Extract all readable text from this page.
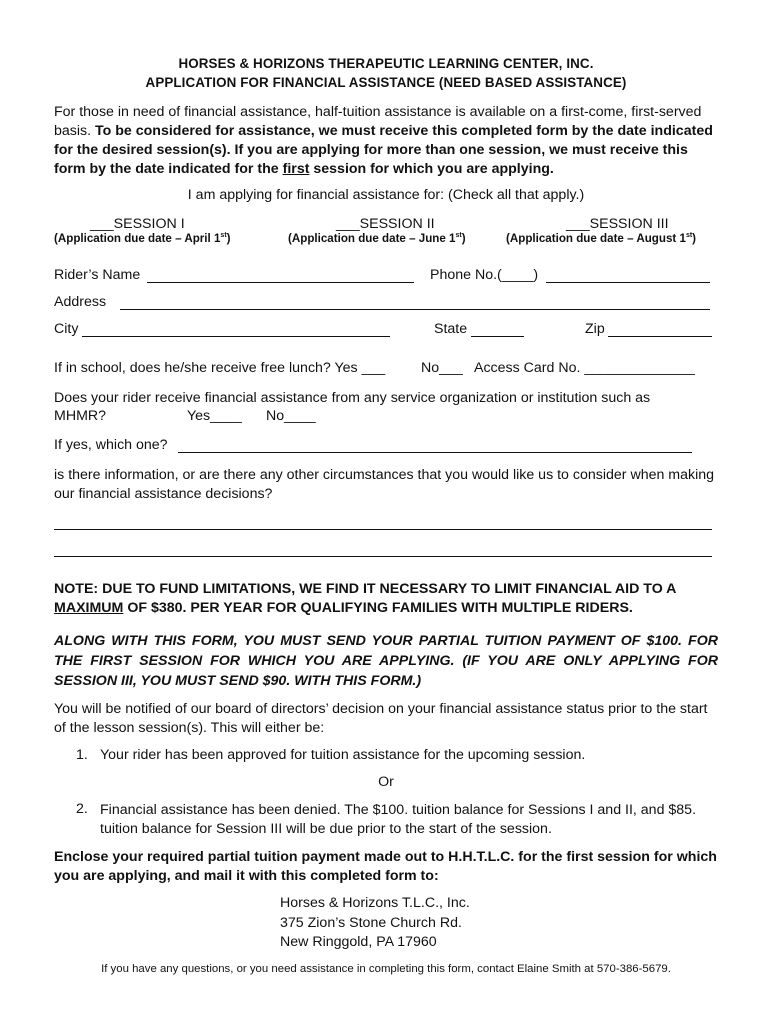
HORSES & HORIZONS THERAPEUTIC LEARNING CENTER, INC.
APPLICATION FOR FINANCIAL ASSISTANCE (NEED BASED ASSISTANCE)
For those in need of financial assistance, half-tuition assistance is available on a first-come, first-served basis. To be considered for assistance, we must receive this completed form by the date indicated for the desired session(s). If you are applying for more than one session, we must receive this form by the date indicated for the first session for which you are applying.
I am applying for financial assistance for: (Check all that apply.)
___SESSION I
(Application due date – April 1st)
___SESSION II
(Application due date – June 1st)
___SESSION III
(Application due date – August 1st)
Rider’s Name	Phone No.(____)
Address
City	State	Zip
If in school, does he/she receive free lunch? Yes ___	No___ Access Card No. ______________
Does your rider receive financial assistance from any service organization or institution such as
MHMR?	Yes____ No____
If yes, which one?
is there information, or are there any other circumstances that you would like us to consider when making our financial assistance decisions?
NOTE: DUE TO FUND LIMITATIONS, WE FIND IT NECESSARY TO LIMIT FINANCIAL AID TO A MAXIMUM OF $380. PER YEAR FOR QUALIFYING FAMILIES WITH MULTIPLE RIDERS.
ALONG WITH THIS FORM, YOU MUST SEND YOUR PARTIAL TUITION PAYMENT OF $100. FOR THE FIRST SESSION FOR WHICH YOU ARE APPLYING. (IF YOU ARE ONLY APPLYING FOR SESSION III, YOU MUST SEND $90. WITH THIS FORM.)
You will be notified of our board of directors’ decision on your financial assistance status prior to the start of the lesson session(s). This will either be:
1. Your rider has been approved for tuition assistance for the upcoming session.
Or
2. Financial assistance has been denied. The $100. tuition balance for Sessions I and II, and $85. tuition balance for Session III will be due prior to the start of the session.
Enclose your required partial tuition payment made out to H.H.T.L.C. for the first session for which you are applying, and mail it with this completed form to:
Horses & Horizons T.L.C., Inc.
375 Zion’s Stone Church Rd.
New Ringgold, PA 17960
If you have any questions, or you need assistance in completing this form, contact Elaine Smith at 570-386-5679.
